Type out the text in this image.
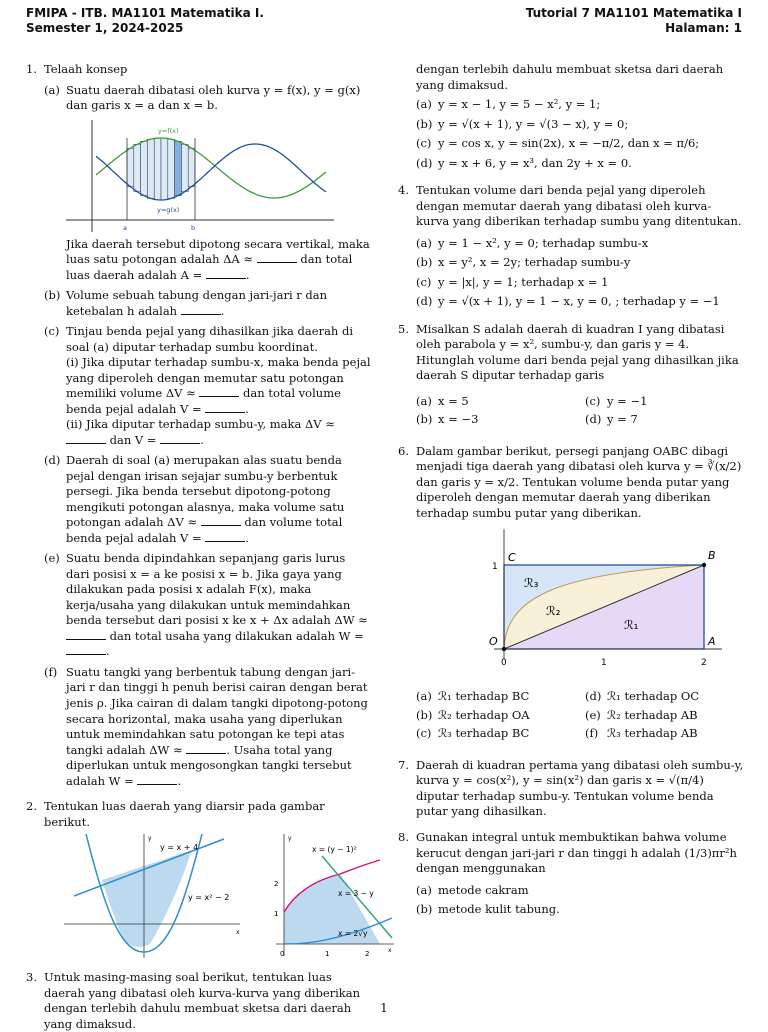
FMIPA - ITB. MA1101 Matematika I.
Semester 1, 2024-2025
Tutorial 7 MA1101 Matematika I
Halaman: 1
1. Telaah konsep
(a) Suatu daerah dibatasi oleh kurva y = f(x), y = g(x) dan garis x = a dan x = b.
y=f(x)
y=g(x)
a	b
Jika daerah tersebut dipotong secara vertikal, maka luas satu potongan adalah ΔA ≈	dan total luas daerah adalah A =	.
(b) Volume sebuah tabung dengan jari-jari r dan ketebalan h adalah	.
(c) Tinjau benda pejal yang dihasilkan jika daerah di soal (a) diputar terhadap sumbu koordinat.
(i) Jika diputar terhadap sumbu-x, maka benda pejal yang diperoleh dengan memutar satu potongan memiliki volume ΔV ≈	dan total volume benda pejal adalah V =	.
(ii) Jika diputar terhadap sumbu-y, maka ΔV ≈  dan V =	.
(d) Daerah di soal (a) merupakan alas suatu benda pejal dengan irisan sejajar sumbu-y berbentuk persegi. Jika benda tersebut dipotong-potong mengikuti potongan alasnya, maka volume satu potongan adalah ΔV ≈	dan volume total benda pejal adalah V =	.
(e) Suatu benda dipindahkan sepanjang garis lurus dari posisi x = a ke posisi x = b. Jika gaya yang dilakukan pada posisi x adalah F(x), maka kerja/usaha yang dilakukan untuk memindahkan benda tersebut dari posisi x ke x + Δx adalah ΔW ≈  dan total usaha yang dilakukan adalah W = .
(f) Suatu tangki yang berbentuk tabung dengan jari-jari r dan tinggi h penuh berisi cairan dengan berat jenis ρ. Jika cairan di dalam tangki dipotong-potong secara horizontal, maka usaha yang diperlukan untuk memindahkan satu potongan ke tepi atas tangki adalah ΔW ≈	. Usaha total yang diperlukan untuk mengosongkan tangki tersebut adalah W =	.
2. Tentukan luas daerah yang diarsir pada gambar berikut.
y = x + 4
y = x² − 2
x
y
x = (y − 1)²
x = 3 − y
x = 2√y
2
1
0	1	2	x
y
3. Untuk masing-masing soal berikut, tentukan luas daerah yang dibatasi oleh kurva-kurva yang diberikan dengan terlebih dahulu membuat sketsa dari daerah yang dimaksud.
dengan terlebih dahulu membuat sketsa dari daerah yang dimaksud.
(a) y = x − 1, y = 5 − x², y = 1;
(b) y = √(x + 1), y = √(3 − x), y = 0;
(c) y = cos x, y = sin(2x), x = −π/2, dan x = π/6;
(d) y = x + 6, y = x³, dan 2y + x = 0.
4. Tentukan volume dari benda pejal yang diperoleh dengan memutar daerah yang dibatasi oleh kurva-kurva yang diberikan terhadap sumbu yang ditentukan.
(a) y = 1 − x², y = 0; terhadap sumbu-x
(b) x = y², x = 2y; terhadap sumbu-y
(c) y = |x|, y = 1; terhadap x = 1
(d) y = √(x + 1), y = 1 − x, y = 0, ; terhadap y = −1
5. Misalkan S adalah daerah di kuadran I yang dibatasi oleh parabola y = x², sumbu-y, dan garis y = 4. Hitunglah volume dari benda pejal yang dihasilkan jika daerah S diputar terhadap garis
(a) x = 5	(c) y = −1
(b) x = −3	(d) y = 7
6. Dalam gambar berikut, persegi panjang OABC dibagi menjadi tiga daerah yang dibatasi oleh kurva y = ∛(x/2) dan garis y = x/2. Tentukan volume benda putar yang diperoleh dengan memutar daerah yang diberikan terhadap sumbu putar yang diberikan.
C	B
O	A
ℛ₁
ℛ₂
ℛ₃
1
0	1	2
(a) ℛ₁ terhadap BC	(d) ℛ₁ terhadap OC
(b) ℛ₂ terhadap OA	(e) ℛ₂ terhadap AB
(c) ℛ₃ terhadap BC	(f) ℛ₃ terhadap AB
7. Daerah di kuadran pertama yang dibatasi oleh sumbu-y, kurva y = cos(x²), y = sin(x²) dan garis x = √(π/4) diputar terhadap sumbu-y. Tentukan volume benda putar yang dihasilkan.
8. Gunakan integral untuk membuktikan bahwa volume kerucut dengan jari-jari r dan tinggi h adalah (1/3)πr²h dengan menggunakan
(a) metode cakram
(b) metode kulit tabung.
1
